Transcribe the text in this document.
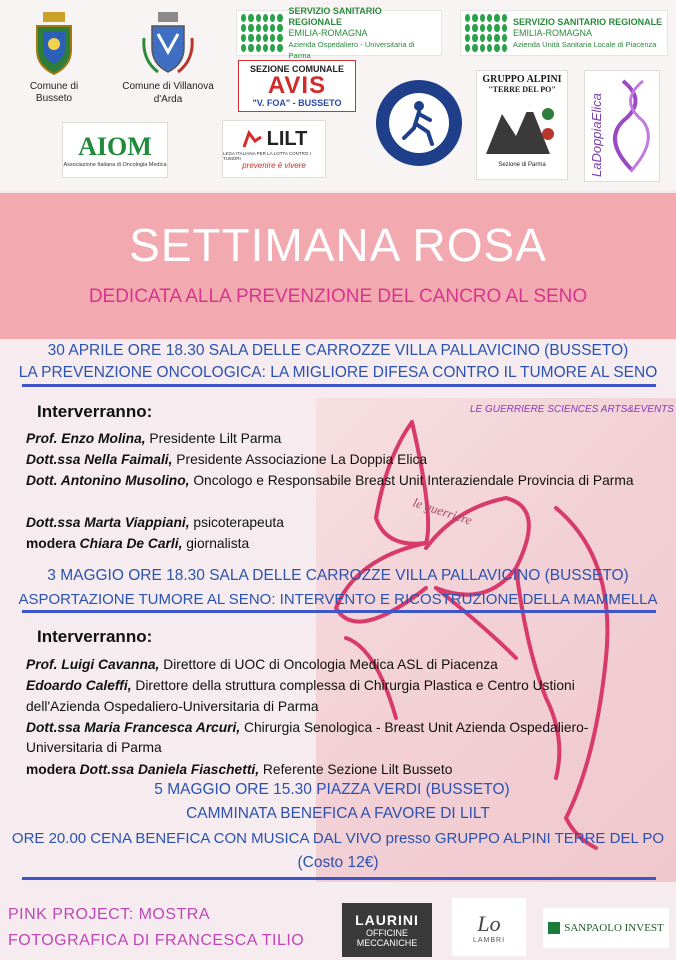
Comune di Busseto
Comune di Villanova
d'Arda
SERVIZIO SANITARIO REGIONALE
EMILIA-ROMAGNA
Azienda Ospedaliero - Universitaria di Parma
SERVIZIO SANITARIO REGIONALE
EMILIA-ROMAGNA
Azienda Unità Sanitaria Locale di Piacenza
SEZIONE COMUNALE
AVIS
"V. FOA" - BUSSETO
GRUPPO ALPINI
"TERRE DEL PO"
Sezione di Parma	LaDoppiaElica
AIOM
Associazione Italiana di Oncologia Medica
LILT
LEGA ITALIANA PER LA LOTTA CONTRO I TUMORI
prevenire è vivere
SETTIMANA ROSA
DEDICATA ALLA PREVENZIONE DEL CANCRO AL SENO
le guerriere
LE GUERRIERE SCIENCES ARTS&EVENTS
30 APRILE ORE 18.30 SALA DELLE CARROZZE VILLA PALLAVICINO (BUSSETO)
LA PREVENZIONE ONCOLOGICA: LA MIGLIORE DIFESA CONTRO IL TUMORE AL SENO
Interverranno:
Prof. Enzo Molina, Presidente Lilt Parma
Dott.ssa Nella Faimali, Presidente Associazione La Doppia Elica
Dott. Antonino Musolino, Oncologo e Responsabile Breast Unit Interaziendale Provincia di Parma
Dott.ssa Marta Viappiani, psicoterapeuta
modera Chiara De Carli, giornalista
3 MAGGIO ORE 18.30 SALA DELLE CARROZZE VILLA PALLAVICINO (BUSSETO)
ASPORTAZIONE TUMORE AL SENO: INTERVENTO E RICOSTRUZIONE DELLA MAMMELLA
Interverranno:
Prof. Luigi Cavanna, Direttore di UOC di Oncologia Medica ASL di Piacenza
Edoardo Caleffi, Direttore della struttura complessa di Chirurgia Plastica e Centro Ustioni
dell'Azienda Ospedaliero-Universitaria di Parma
Dott.ssa Maria Francesca Arcuri, Chirurgia Senologica - Breast Unit Azienda Ospedaliero-Universitaria di Parma
modera Dott.ssa Daniela Fiaschetti, Referente Sezione Lilt Busseto
5 MAGGIO ORE 15.30 PIAZZA VERDI (BUSSETO)
CAMMINATA BENEFICA A FAVORE DI LILT
ORE 20.00 CENA BENEFICA CON MUSICA DAL VIVO presso GRUPPO ALPINI TERRE DEL PO
(Costo 12€)
PINK PROJECT: MOSTRA
FOTOGRAFICA DI FRANCESCA TILIO
LAURINI
OFFICINE
MECCANICHE
Lo
LAMBRI
SANPAOLO INVEST
